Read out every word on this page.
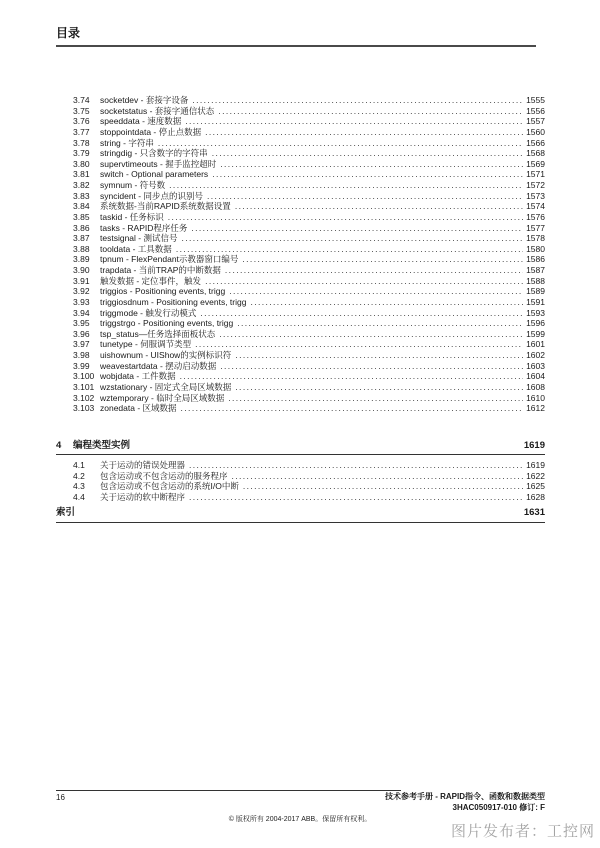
目录
3.74	socketdev - 套接字设备 .....	1555
3.75	socketstatus - 套接字通信状态 .....	1556
3.76	speeddata - 速度数据 .....	1557
3.77	stoppointdata - 停止点数据 .....	1560
3.78	string - 字符串 .....	1566
3.79	stringdig - 只含数字的字符串 .....	1568
3.80	supervtimeouts - 握手监控超时 .....	1569
3.81	switch - Optional parameters .....	1571
3.82	symnum - 符号数 .....	1572
3.83	syncident - 同步点的识别号 .....	1573
3.84	系统数据-当前RAPID系统数据设置 .....	1574
3.85	taskid - 任务标识 .....	1576
3.86	tasks - RAPID程序任务 .....	1577
3.87	testsignal - 测试信号 .....	1578
3.88	tooldata - 工具数据 .....	1580
3.89	tpnum - FlexPendant示教器窗口编号 .....	1586
3.90	trapdata - 当前TRAP的中断数据 .....	1587
3.91	触发数据 - 定位事件，触发 .....	1588
3.92	triggios - Positioning events, trigg .....	1589
3.93	triggiosdnum - Positioning events, trigg .....	1591
3.94	triggmode - 触发行动模式 .....	1593
3.95	triggstrgo - Positioning events, trigg .....	1596
3.96	tsp_status—任务选择面板状态 .....	1599
3.97	tunetype - 伺服调节类型 .....	1601
3.98	uishownum - UIShow的实例标识符 .....	1602
3.99	weavestartdata - 摆动启动数据 .....	1603
3.100 wobjdata - 工件数据 .....	1604
3.101 wzstationary - 固定式全局区域数据 .....	1608
3.102 wztemporary - 临时全局区域数据 .....	1610
3.103 zonedata - 区域数据 .....	1612
4	编程类型实例	1619
4.1	关于运动的错误处理器 .....	1619
4.2	包含运动或不包含运动的服务程序 .....	1622
4.3	包含运动或不包含运动的系统I/O中断 .....	1625
4.4	关于运动的软中断程序 .....	1628
索引	1631
16	技术参考手册 - RAPID指令、函数和数据类型
3HAC050917-010 修订: F
© 版权所有 2004-2017 ABB。保留所有权利。
图片发布者：工控网
